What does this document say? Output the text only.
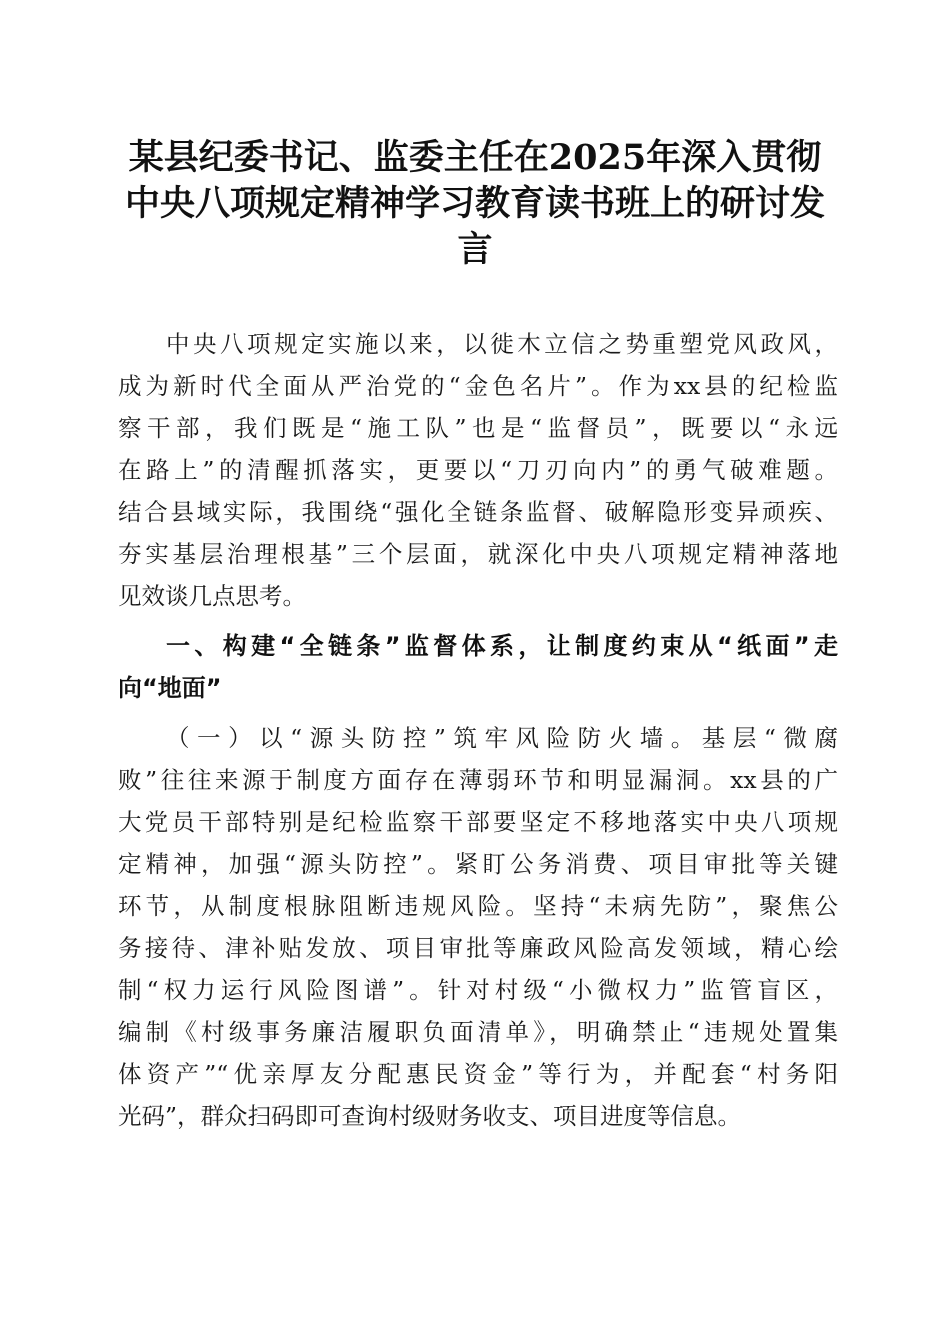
某县纪委书记、监委主任在2025年深入贯彻
中央八项规定精神学习教育读书班上的研讨发
言
中央八项规定实施以来，以徙木立信之势重塑党风政风，
成为新时代全面从严治党的“金色名片”。作为xx县的纪检监
察干部，我们既是“施工队”也是“监督员”，既要以“永远
在路上”的清醒抓落实，更要以“刀刃向内”的勇气破难题。
结合县域实际，我围绕“强化全链条监督、破解隐形变异顽疾、
夯实基层治理根基”三个层面，就深化中央八项规定精神落地
见效谈几点思考。
一、构建“全链条”监督体系，让制度约束从“纸面”走
向“地面”
（一）以“源头防控”筑牢风险防火墙。基层“微腐
败”往往来源于制度方面存在薄弱环节和明显漏洞。xx县的广
大党员干部特别是纪检监察干部要坚定不移地落实中央八项规
定精神，加强“源头防控”。紧盯公务消费、项目审批等关键
环节，从制度根脉阻断违规风险。坚持“未病先防”，聚焦公
务接待、津补贴发放、项目审批等廉政风险高发领域，精心绘
制“权力运行风险图谱”。针对村级“小微权力”监管盲区，
编制《村级事务廉洁履职负面清单》，明确禁止“违规处置集
体资产”“优亲厚友分配惠民资金”等行为，并配套“村务阳
光码”，群众扫码即可查询村级财务收支、项目进度等信息。
